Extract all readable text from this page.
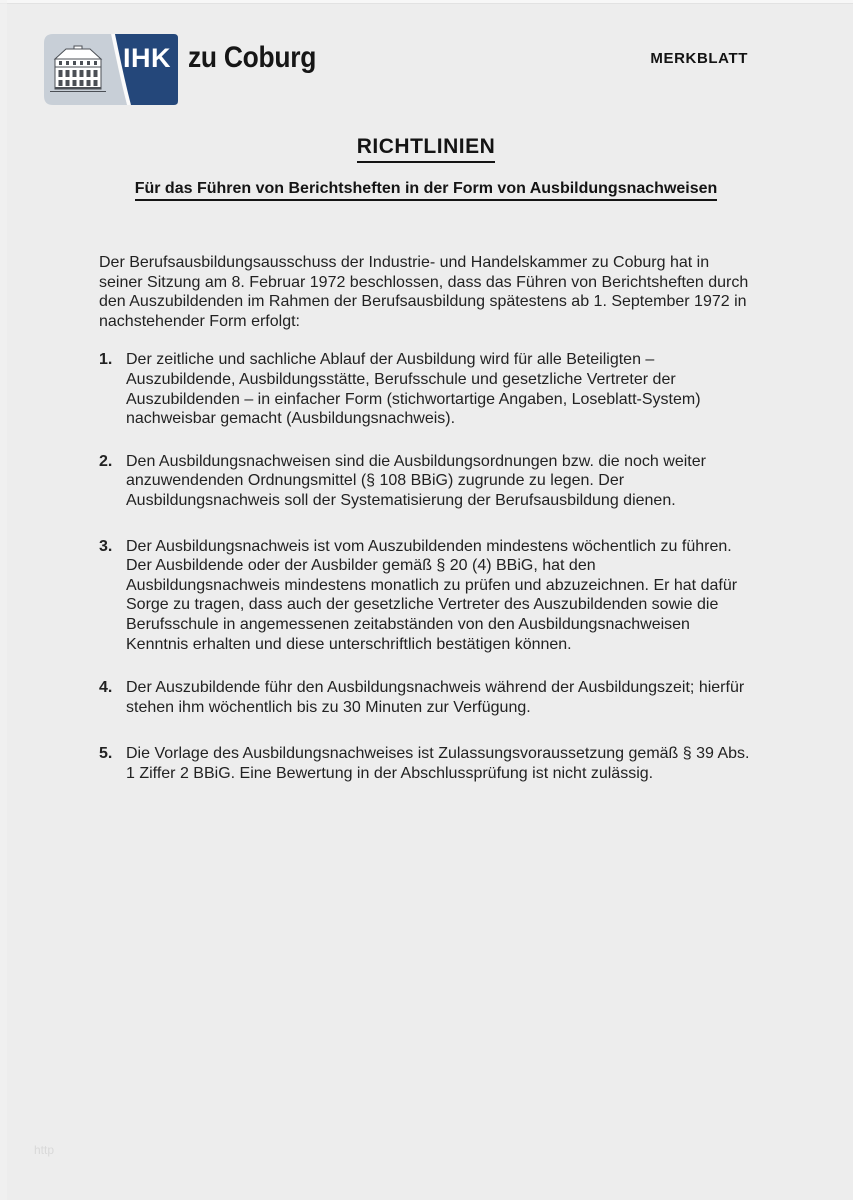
IHK zu Coburg	MERKBLATT
RICHTLINIEN
Für das Führen von Berichtsheften in der Form von Ausbildungsnachweisen

Der Berufsausbildungsausschuss der Industrie- und Handelskammer zu Coburg hat in seiner Sitzung am 8. Februar 1972 beschlossen, dass das Führen von Berichtsheften durch den Auszubildenden im Rahmen der Berufsausbildung spätestens ab 1. September 1972 in nachstehender Form erfolgt:

1. Der zeitliche und sachliche Ablauf der Ausbildung wird für alle Beteiligten – Auszubildende, Ausbildungsstätte, Berufsschule und gesetzliche Vertreter der Auszubildenden – in einfacher Form (stichwortartige Angaben, Loseblatt-System) nachweisbar gemacht (Ausbildungsnachweis).
2. Den Ausbildungsnachweisen sind die Ausbildungsordnungen bzw. die noch weiter anzuwendenden Ordnungsmittel (§ 108 BBiG) zugrunde zu legen. Der Ausbildungsnachweis soll der Systematisierung der Berufsausbildung dienen.
3. Der Ausbildungsnachweis ist vom Auszubildenden mindestens wöchentlich zu führen. Der Ausbildende oder der Ausbilder gemäß § 20 (4) BBiG, hat den Ausbildungsnachweis mindestens monatlich zu prüfen und abzuzeichnen. Er hat dafür Sorge zu tragen, dass auch der gesetzliche Vertreter des Auszubildenden sowie die Berufsschule in angemessenen zeitabständen von den Ausbildungsnachweisen Kenntnis erhalten und diese unterschriftlich bestätigen können.
4. Der Auszubildende führ den Ausbildungsnachweis während der Ausbildungszeit; hierfür stehen ihm wöchentlich bis zu 30 Minuten zur Verfügung.
5. Die Vorlage des Ausbildungsnachweises ist Zulassungsvoraussetzung gemäß § 39 Abs. 1 Ziffer 2 BBiG. Eine Bewertung in der Abschlussprüfung ist nicht zulässig.
http
